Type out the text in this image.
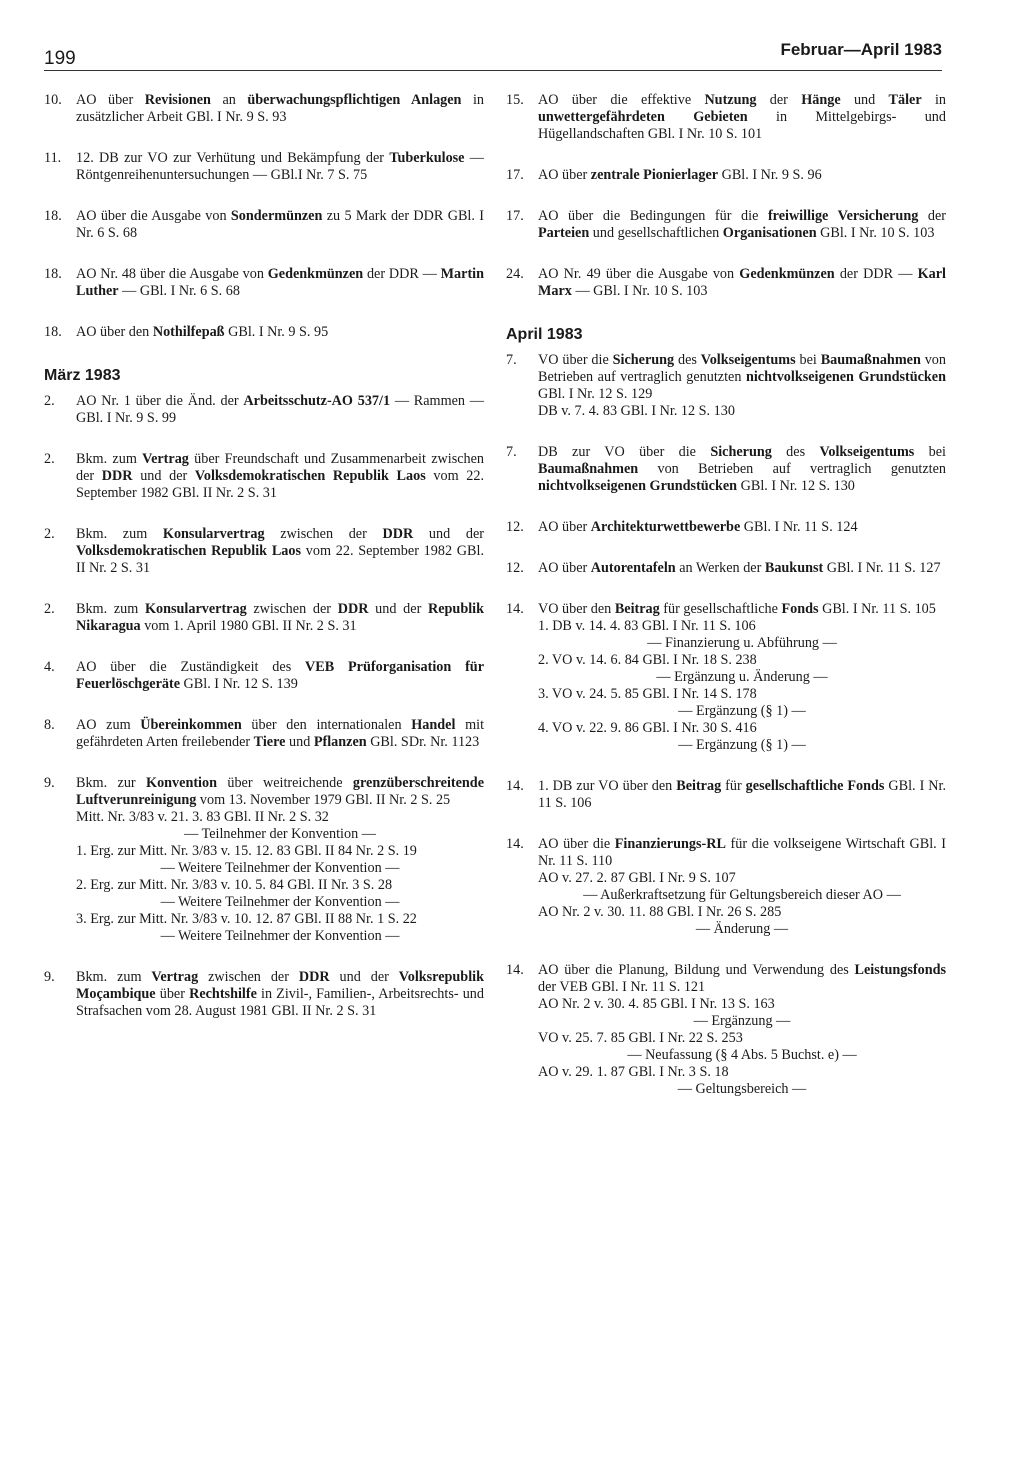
199	Februar—April 1983
10.	AO über Revisionen an überwachungspflichtigen Anlagen in zusätzlicher Arbeit GBl. I Nr. 9 S. 93
11.	12. DB zur VO zur Verhütung und Bekämpfung der Tuberkulose — Röntgenreihenuntersuchungen — GBl.I Nr. 7 S. 75
18.	AO über die Ausgabe von Sondermünzen zu 5 Mark der DDR GBl. I Nr. 6 S. 68
18.	AO Nr. 48 über die Ausgabe von Gedenkmünzen der DDR — Martin Luther — GBl. I Nr. 6 S. 68
18.	AO über den Nothilfepaß GBl. I Nr. 9 S. 95
März 1983
2.	AO Nr. 1 über die Änd. der Arbeitsschutz-AO 537/1 — Rammen — GBl. I Nr. 9 S. 99
2.	Bkm. zum Vertrag über Freundschaft und Zusammenarbeit zwischen der DDR und der Volksdemokratischen Republik Laos vom 22. September 1982 GBl. II Nr. 2 S. 31
2.	Bkm. zum Konsularvertrag zwischen der DDR und der Volksdemokratischen Republik Laos vom 22. September 1982 GBl. II Nr. 2 S. 31
2.	Bkm. zum Konsularvertrag zwischen der DDR und der Republik Nikaragua vom 1. April 1980 GBl. II Nr. 2 S. 31
4.	AO über die Zuständigkeit des VEB Prüforganisation für Feuerlöschgeräte GBl. I Nr. 12 S. 139
8.	AO zum Übereinkommen über den internationalen Handel mit gefährdeten Arten freilebender Tiere und Pflanzen GBl. SDr. Nr. 1123
9.	Bkm. zur Konvention über weitreichende grenzüberschreitende Luftverunreinigung vom 13. November 1979 GBl. II Nr. 2 S. 25
Mitt. Nr. 3/83 v. 21. 3. 83 GBl. II Nr. 2 S. 32
— Teilnehmer der Konvention —
1. Erg. zur Mitt. Nr. 3/83 v. 15. 12. 83 GBl. II 84 Nr. 2 S. 19
— Weitere Teilnehmer der Konvention —
2. Erg. zur Mitt. Nr. 3/83 v. 10. 5. 84 GBl. II Nr. 3 S. 28
— Weitere Teilnehmer der Konvention —
3. Erg. zur Mitt. Nr. 3/83 v. 10. 12. 87 GBl. II 88 Nr. 1 S. 22
— Weitere Teilnehmer der Konvention —
9.	Bkm. zum Vertrag zwischen der DDR und der Volksrepublik Moçambique über Rechtshilfe in Zivil-, Familien-, Arbeitsrechts- und Strafsachen vom 28. August 1981 GBl. II Nr. 2 S. 31
15.	AO über die effektive Nutzung der Hänge und Täler in unwettergefährdeten Gebieten in Mittelgebirgs- und Hügellandschaften GBl. I Nr. 10 S. 101
17.	AO über zentrale Pionierlager GBl. I Nr. 9 S. 96
17.	AO über die Bedingungen für die freiwillige Versicherung der Parteien und gesellschaftlichen Organisationen GBl. I Nr. 10 S. 103
24.	AO Nr. 49 über die Ausgabe von Gedenkmünzen der DDR — Karl Marx — GBl. I Nr. 10 S. 103
April 1983
7.	VO über die Sicherung des Volkseigentums bei Baumaßnahmen von Betrieben auf vertraglich genutzten nichtvolkseigenen Grundstücken GBl. I Nr. 12 S. 129
DB v. 7. 4. 83 GBl. I Nr. 12 S. 130
7.	DB zur VO über die Sicherung des Volkseigentums bei Baumaßnahmen von Betrieben auf vertraglich genutzten nichtvolkseigenen Grundstücken GBl. I Nr. 12 S. 130
12.	AO über Architekturwettbewerbe GBl. I Nr. 11 S. 124
12.	AO über Autorentafeln an Werken der Baukunst GBl. I Nr. 11 S. 127
14.	VO über den Beitrag für gesellschaftliche Fonds GBl. I Nr. 11 S. 105
1. DB v. 14. 4. 83 GBl. I Nr. 11 S. 106
— Finanzierung u. Abführung —
2. VO v. 14. 6. 84 GBl. I Nr. 18 S. 238
— Ergänzung u. Änderung —
3. VO v. 24. 5. 85 GBl. I Nr. 14 S. 178
— Ergänzung (§ 1) —
4. VO v. 22. 9. 86 GBl. I Nr. 30 S. 416
— Ergänzung (§ 1) —
14.	1. DB zur VO über den Beitrag für gesellschaftliche Fonds GBl. I Nr. 11 S. 106
14.	AO über die Finanzierungs-RL für die volkseigene Wirtschaft GBl. I Nr. 11 S. 110
AO v. 27. 2. 87 GBl. I Nr. 9 S. 107
— Außerkraftsetzung für Geltungsbereich dieser AO —
AO Nr. 2 v. 30. 11. 88 GBl. I Nr. 26 S. 285
— Änderung —
14.	AO über die Planung, Bildung und Verwendung des Leistungsfonds der VEB GBl. I Nr. 11 S. 121
AO Nr. 2 v. 30. 4. 85 GBl. I Nr. 13 S. 163
— Ergänzung —
VO v. 25. 7. 85 GBl. I Nr. 22 S. 253
— Neufassung (§ 4 Abs. 5 Buchst. e) —
AO v. 29. 1. 87 GBl. I Nr. 3 S. 18
— Geltungsbereich —
